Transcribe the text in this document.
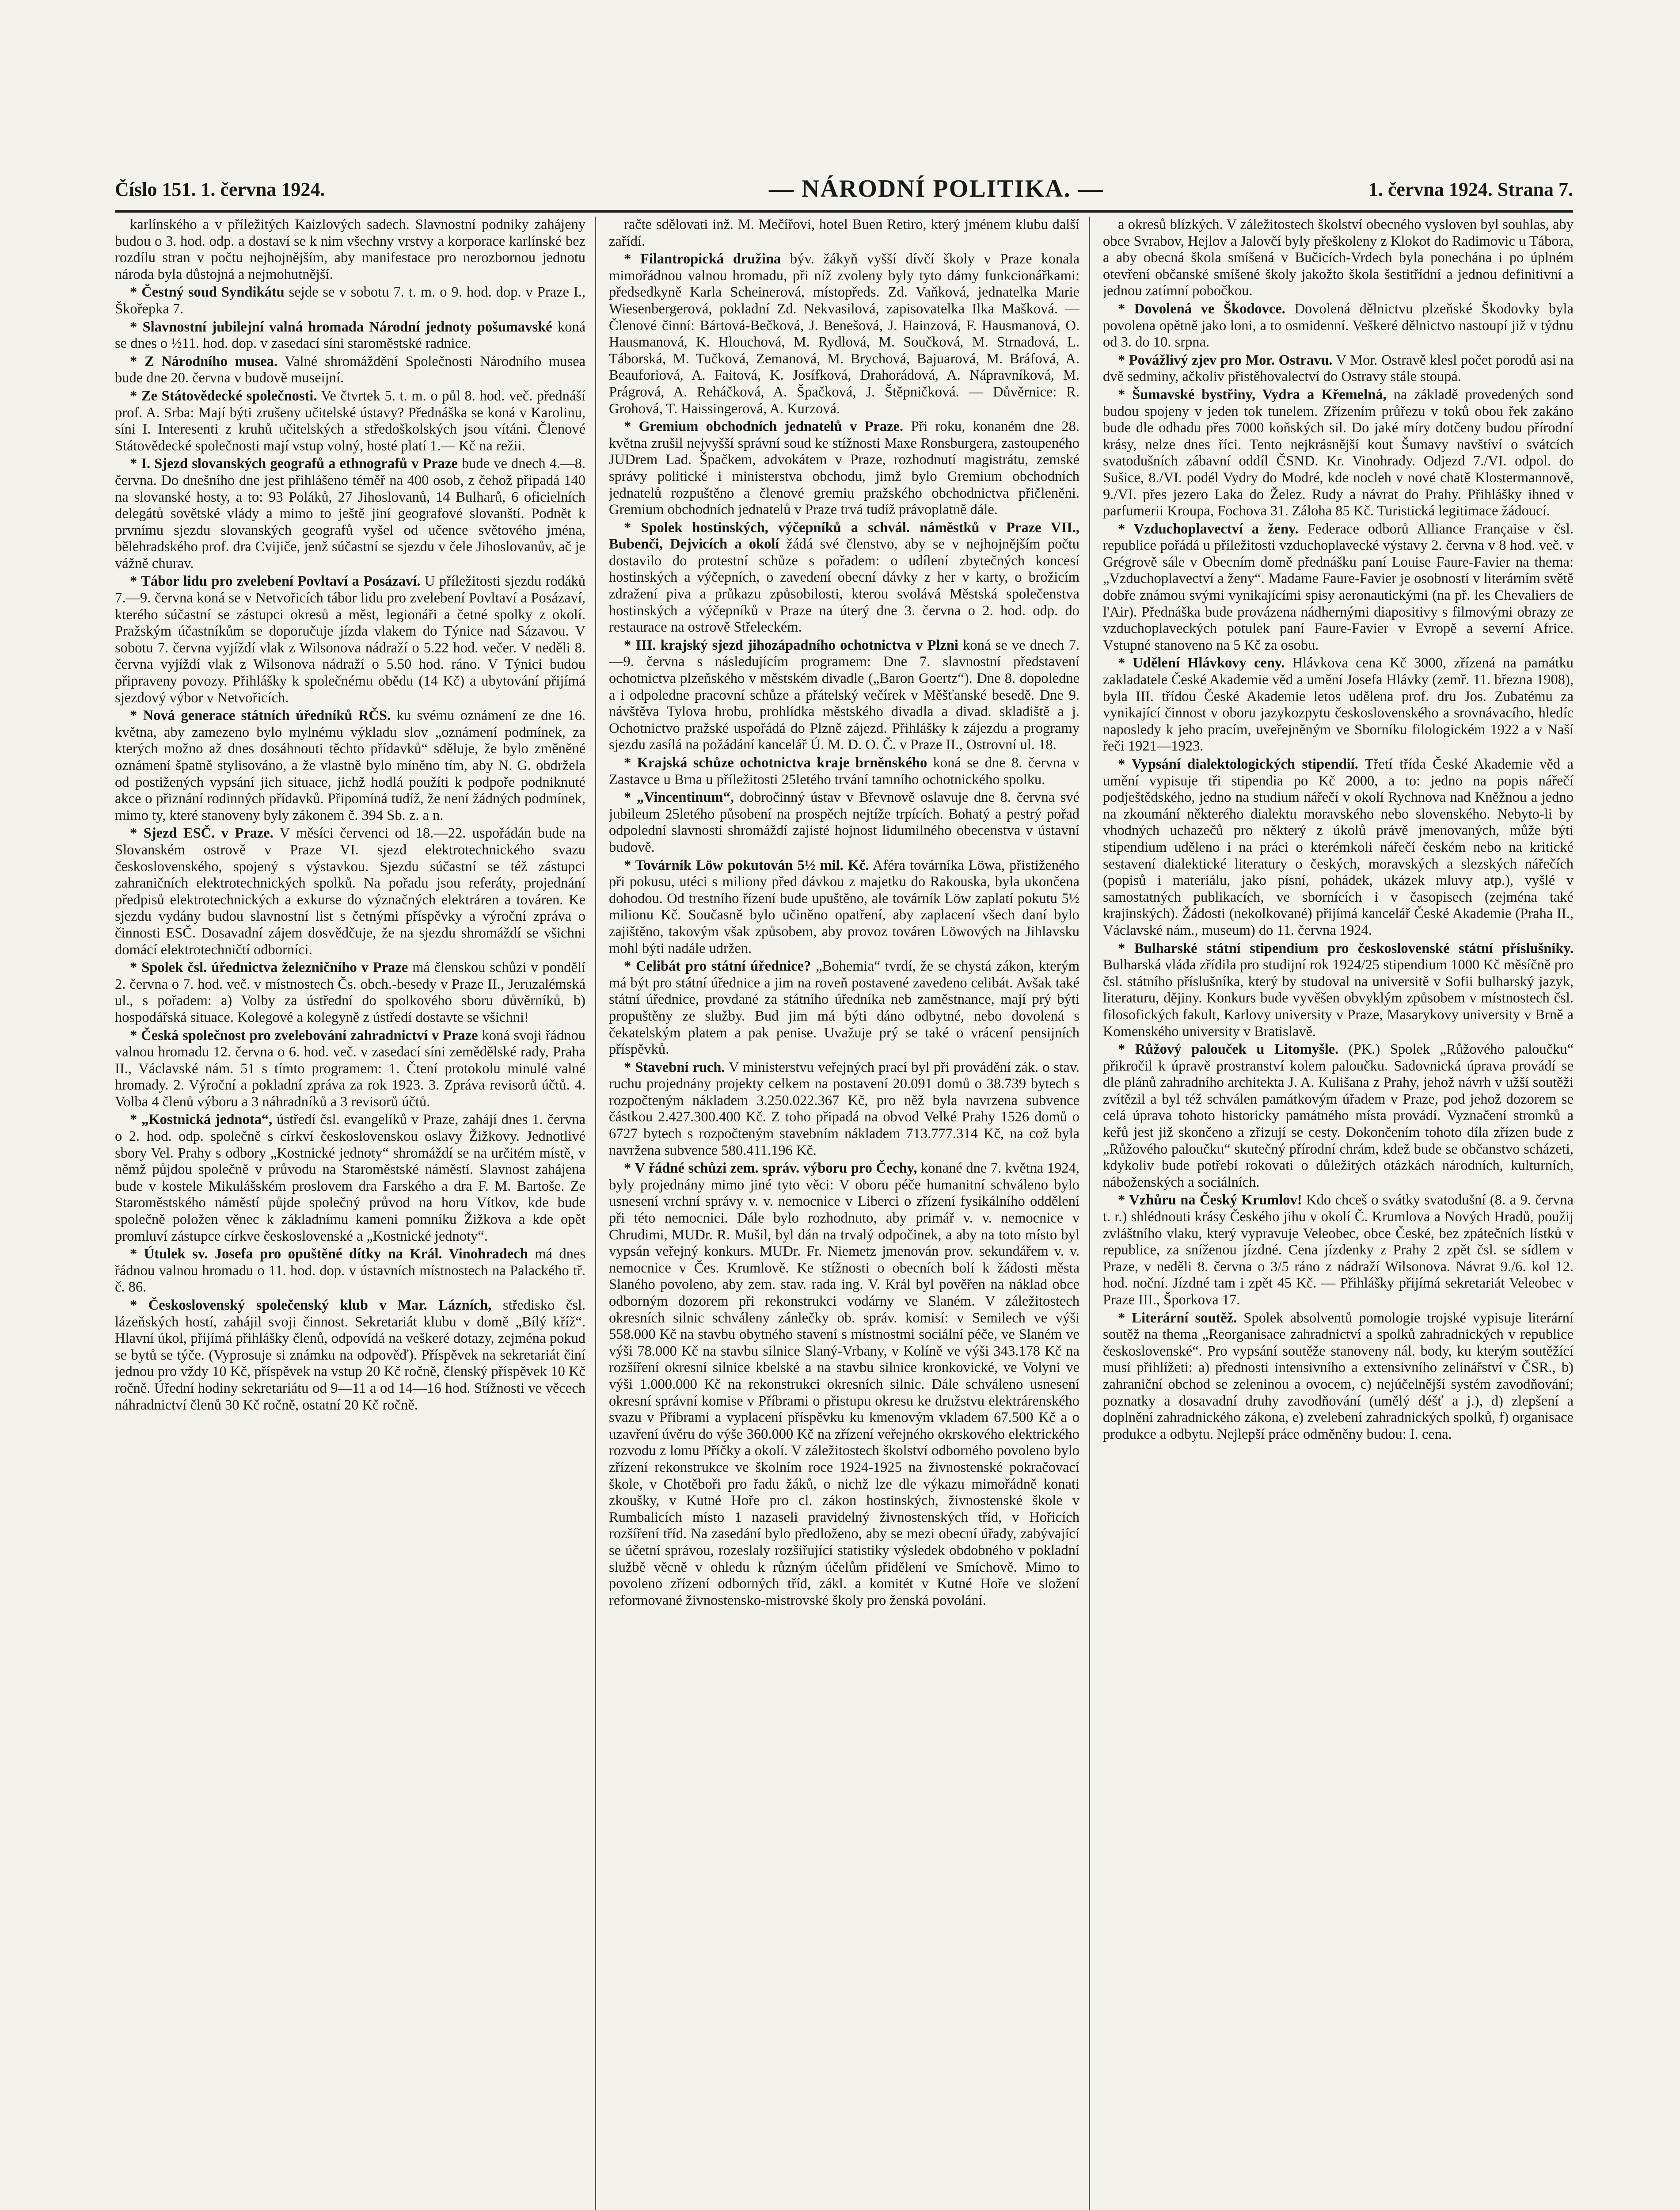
Číslo 151. 1. června 1924.	— NÁRODNÍ POLITIKA. —	1. června 1924. Strana 7.

karlínského a v příležitých Kaizlových sadech. Slavnostní podniky zahájeny budou o 3. hod. odp. a dostaví se k nim všechny vrstvy a korporace karlínské bez rozdílu stran v počtu nejhojnějším, aby manifestace pro nerozbornou jednotu národa byla důstojná a nejmohutnější.

* Čestný soud Syndikátu sejde se v sobotu 7. t. m. o 9. hod. dop. v Praze I., Škořepka 7.

* Slavnostní jubilejní valná hromada Národní jednoty pošumavské koná se dnes o ½11. hod. dop. v zasedací síni staroměstské radnice.

* Z Národního musea. Valné shromáždění Společnosti Národního musea bude dne 20. června v budově museijní.

* Ze Státovědecké společnosti. Ve čtvrtek 5. t. m. o půl 8. hod. več. přednáší prof. A. Srba: Mají býti zrušeny učitelské ústavy? Přednáška se koná v Karolinu, síni I. Interesenti z kruhů učitelských a středoškolských jsou vítáni. Členové Státovědecké společnosti mají vstup volný, hosté platí 1.— Kč na režii.

* I. Sjezd slovanských geografů a ethnografů v Praze bude ve dnech 4.—8. června. Do dnešního dne jest přihlášeno téměř na 400 osob, z čehož připadá 140 na slovanské hosty, a to: 93 Poláků, 27 Jihoslovanů, 14 Bulharů, 6 oficielních delegátů sovětské vlády a mimo to ještě jiní geografové slovanští. Podnět k prvnímu sjezdu slovanských geografů vyšel od učence světového jména, bělehradského prof. dra Cvijiče, jenž súčastní se sjezdu v čele Jihoslovanův, ač je vážně churav.

* Tábor lidu pro zvelebení Povltaví a Posázaví. U příležitosti sjezdu rodáků 7.—9. června koná se v Netvořicích tábor lidu pro zvelebení Povltaví a Posázaví, kterého súčastní se zástupci okresů a měst, legionáři a četné spolky z okolí. Pražským účastníkům se doporučuje jízda vlakem do Týnice nad Sázavou. V sobotu 7. června vyjíždí vlak z Wilsonova nádraží o 5.22 hod. večer. V neděli 8. června vyjíždí vlak z Wilsonova nádraží o 5.50 hod. ráno. V Týnici budou připraveny povozy. Přihlášky k společnému obědu (14 Kč) a ubytování přijímá sjezdový výbor v Netvořicích.

* Nová generace státních úředníků RČS. ku svému oznámení ze dne 16. května, aby zamezeno bylo mylnému výkladu slov „oznámení podmínek, za kterých možno až dnes dosáhnouti těchto přídavků“ sděluje, že bylo změněné oznámení špatně stylisováno, a že vlastně bylo míněno tím, aby N. G. obdržela od postižených vypsání jich situace, jichž hodlá použíti k podpoře podniknuté akce o přiznání rodinných přídavků. Připomíná tudíž, že není žádných podmínek, mimo ty, které stanoveny byly zákonem č. 394 Sb. z. a n.

* Sjezd ESČ. v Praze. V měsíci červenci od 18.—22. uspořádán bude na Slovanském ostrově v Praze VI. sjezd elektrotechnického svazu československého, spojený s výstavkou. Sjezdu súčastní se též zástupci zahraničních elektrotechnických spolků. Na pořadu jsou referáty, projednání předpisů elektrotechnických a exkurse do význačných elektráren a továren. Ke sjezdu vydány budou slavnostní list s četnými příspěvky a výroční zpráva o činnosti ESČ. Dosavadní zájem dosvědčuje, že na sjezdu shromáždí se všichni domácí elektrotechničtí odborníci.

* Spolek čsl. úřednictva železničního v Praze má členskou schůzi v pondělí 2. června o 7. hod. več. v místnostech Čs. obch.-besedy v Praze II., Jeruzalémská ul., s pořadem: a) Volby za ústřední do spolkového sboru důvěrníků, b) hospodářská situace. Kolegové a kolegyně z ústředí dostavte se všichni!

* Česká společnost pro zvelebování zahradnictví v Praze koná svoji řádnou valnou hromadu 12. června o 6. hod. več. v zasedací síni zemědělské rady, Praha II., Václavské nám. 51 s tímto programem: 1. Čtení protokolu minulé valné hromady. 2. Výroční a pokladní zpráva za rok 1923. 3. Zpráva revisorů účtů. 4. Volba 4 členů výboru a 3 náhradníků a 3 revisorů účtů.

* „Kostnická jednota“, ústředí čsl. evangelíků v Praze, zahájí dnes 1. června o 2. hod. odp. společně s církví československou oslavy Žižkovy. Jednotlivé sbory Vel. Prahy s odbory „Kostnické jednoty“ shromáždí se na určitém místě, v němž půjdou společně v průvodu na Staroměstské náměstí. Slavnost zahájena bude v kostele Mikulášském proslovem dra Farského a dra F. M. Bartoše. Ze Staroměstského náměstí půjde společný průvod na horu Vítkov, kde bude společně položen věnec k základnímu kameni pomníku Žižkova a kde opět promluví zástupce církve československé a „Kostnické jednoty“.

* Útulek sv. Josefa pro opuštěné dítky na Král. Vinohradech má dnes řádnou valnou hromadu o 11. hod. dop. v ústavních místnostech na Palackého tř. č. 86.

* Československý společenský klub v Mar. Lázních, středisko čsl. lázeňských hostí, zahájil svoji činnost. Sekretariát klubu v domě „Bílý kříž“. Hlavní úkol, přijímá přihlášky členů, odpovídá na veškeré dotazy, zejména pokud se bytů se týče. (Vyprosuje si známku na odpověď). Příspěvek na sekretariát činí jednou pro vždy 10 Kč, příspěvek na vstup 20 Kč ročně, členský příspěvek 10 Kč ročně. Úřední hodiny sekretariátu od 9—11 a od 14—16 hod. Stížnosti ve věcech náhradnictví členů 30 Kč ročně, ostatní 20 Kč ročně.

račte sdělovati inž. M. Mečířovi, hotel Buen Retiro, který jménem klubu další zařídí.

* Filantropická družina býv. žákyň vyšší dívčí školy v Praze konala mimořádnou valnou hromadu, při níž zvoleny byly tyto dámy funkcionářkami: předsedkyně Karla Scheinerová, místopředs. Zd. Vaňková, jednatelka Marie Wiesenbergerová, pokladní Zd. Nekvasilová, zapisovatelka Ilka Mašková. — Členové činní: Bártová-Bečková, J. Benešová, J. Hainzová, F. Hausmanová, O. Hausmanová, K. Hlouchová, M. Rydlová, M. Součková, M. Strnadová, L. Táborská, M. Tučková, Zemanová, M. Brychová, Bajuarová, M. Bráfová, A. Beauforiová, A. Faitová, K. Josífková, Drahorádová, A. Nápravníková, M. Prágrová, A. Reháčková, A. Špačková, J. Štěpničková. — Důvěrnice: R. Grohová, T. Haissingerová, A. Kurzová.

* Gremium obchodních jednatelů v Praze. Při roku, konaném dne 28. května zrušil nejvyšší správní soud ke stížnosti Maxe Ronsburgera, zastoupeného JUDrem Lad. Špačkem, advokátem v Praze, rozhodnutí magistrátu, zemské správy politické i ministerstva obchodu, jimž bylo Gremium obchodních jednatelů rozpuštěno a členové gremiu pražského obchodnictva přičleněni. Gremium obchodních jednatelů v Praze trvá tudíž právoplatně dále.

* Spolek hostinských, výčepníků a schvál. náměstků v Praze VII., Bubenči, Dejvicích a okolí žádá své členstvo, aby se v nejhojnějším počtu dostavilo do protestní schůze s pořadem: o udílení zbytečných koncesí hostinských a výčepních, o zavedení obecní dávky z her v karty, o brožicím zdražení piva a průkazu způsobilosti, kterou svolává Městská společenstva hostinských a výčepníků v Praze na úterý dne 3. června o 2. hod. odp. do restaurace na ostrově Střeleckém.

* III. krajský sjezd jihozápadního ochotnictva v Plzni koná se ve dnech 7.—9. června s následujícím programem: Dne 7. slavnostní představení ochotnictva plzeňského v městském divadle („Baron Goertz“). Dne 8. dopoledne a i odpoledne pracovní schůze a přátelský večírek v Měšťanské besedě. Dne 9. návštěva Tylova hrobu, prohlídka městského divadla a divad. skladiště a j. Ochotnictvo pražské uspořádá do Plzně zájezd. Přihlášky k zájezdu a programy sjezdu zasílá na požádání kancelář Ú. M. D. O. Č. v Praze II., Ostrovní ul. 18.

* Krajská schůze ochotnictva kraje brněnského koná se dne 8. června v Zastavce u Brna u příležitosti 25letého trvání tamního ochotnického spolku.

* „Vincentinum“, dobročinný ústav v Břevnově oslavuje dne 8. června své jubileum 25letého působení na prospěch nejtíže trpících. Bohatý a pestrý pořad odpolední slavnosti shromáždí zajisté hojnost lidumilného obecenstva v ústavní budově.

* Továrník Löw pokutován 5½ mil. Kč. Aféra továrníka Löwa, přistiženého při pokusu, utéci s miliony před dávkou z majetku do Rakouska, byla ukončena dohodou. Od trestního řízení bude upuštěno, ale továrník Löw zaplatí pokutu 5½ milionu Kč. Současně bylo učiněno opatření, aby zaplacení všech daní bylo zajištěno, takovým však způsobem, aby provoz továren Löwových na Jihlavsku mohl býti nadále udržen.

* Celibát pro státní úřednice? „Bohemia“ tvrdí, že se chystá zákon, kterým má být pro státní úřednice a jim na roveň postavené zavedeno celibát. Avšak také státní úřednice, provdané za státního úředníka neb zaměstnance, mají prý býti propuštěny ze služby. Bud jim má býti dáno odbytné, nebo dovolená s čekatelským platem a pak penise. Uvažuje prý se také o vrácení pensijních příspěvků.

* Stavební ruch. V ministerstvu veřejných prací byl při provádění zák. o stav. ruchu projednány projekty celkem na postavení 20.091 domů o 38.739 bytech s rozpočteným nákladem 3.250.022.367 Kč, pro něž byla navrzena subvence částkou 2.427.300.400 Kč. Z toho připadá na obvod Velké Prahy 1526 domů o 6727 bytech s rozpočteným stavebním nákladem 713.777.314 Kč, na což byla navržena subvence 580.411.196 Kč.

* V řádné schůzi zem. správ. výboru pro Čechy, konané dne 7. května 1924, byly projednány mimo jiné tyto věci: V oboru péče humanitní schváleno bylo usnesení vrchní správy v. v. nemocnice v Liberci o zřízení fysikálního oddělení při této nemocnici. Dále bylo rozhodnuto, aby primář v. v. nemocnice v Chrudimi, MUDr. R. Mušil, byl dán na trvalý odpočinek, a aby na toto místo byl vypsán veřejný konkurs. MUDr. Fr. Niemetz jmenován prov. sekundářem v. v. nemocnice v Čes. Krumlově. Ke stížnosti o obecních bolí k žádosti města Slaného povoleno, aby zem. stav. rada ing. V. Král byl pověřen na náklad obce odborným dozorem při rekonstrukci vodárny ve Slaném. V záležitostech okresních silnic schváleny zánlečky ob. správ. komisí: v Semilech ve výši 558.000 Kč na stavbu obytného stavení s místnostmi sociální péče, ve Slaném ve výši 78.000 Kč na stavbu silnice Slaný-Vrbany, v Kolíně ve výši 343.178 Kč na rozšíření okresní silnice kbelské a na stavbu silnice kronkovické, ve Volyni ve výši 1.000.000 Kč na rekonstrukci okresních silnic. Dále schváleno usnesení okresní správní komise v Příbrami o přistupu okresu ke družstvu elektrárenského svazu v Příbrami a vyplacení příspěvku ku kmenovým vkladem 67.500 Kč a o uzavření úvěru do výše 360.000 Kč na zřízení veřejného okrskového elektrického rozvodu z lomu Příčky a okolí. V záležitostech školství odborného povoleno bylo zřízení rekonstrukce ve školním roce 1924-1925 na živnostenské pokračovací škole, v Chotěboři pro řadu žáků, o nichž lze dle výkazu mimořádně konati zkoušky, v Kutné Hoře pro cl. zákon hostinských, živnostenské škole v Rumbalicích místo 1 nazaseli pravidelný živnostenských tříd, v Hořicích rozšíření tříd. Na zasedání bylo předloženo, aby se mezi obecní úřady, zabývající se účetní správou, rozeslaly rozšiřující statistiky výsledek obdobného v pokladní službě věcně v ohledu k různým účelům přidělení ve Smíchově. Mimo to povoleno zřízení odborných tříd, zákl. a komitét v Kutné Hoře ve složení reformované živnostensko-mistrovské školy pro ženská povolání.

a okresů blízkých. V záležitostech školství obecného vysloven byl souhlas, aby obce Svrabov, Hejlov a Jalovčí byly přeškoleny z Klokot do Radimovic u Tábora, a aby obecná škola smíšená v Bučicích-Vrdech byla ponechána i po úplném otevření občanské smíšené školy jakožto škola šestitřídní a jednou definitivní a jednou zatímní pobočkou.

* Dovolená ve Škodovce. Dovolená dělnictvu plzeňské Škodovky byla povolena opětně jako loni, a to osmidenní. Veškeré dělnictvo nastoupí již v týdnu od 3. do 10. srpna.

* Povážlivý zjev pro Mor. Ostravu. V Mor. Ostravě klesl počet porodů asi na dvě sedminy, ačkoliv přistěhovalectví do Ostravy stále stoupá.

* Šumavské bystřiny, Vydra a Křemelná, na základě provedených sond budou spojeny v jeden tok tunelem. Zřízením průřezu v toků obou řek zakáno bude dle odhadu přes 7000 koňských sil. Do jaké míry dotčeny budou přírodní krásy, nelze dnes říci. Tento nejkrásnější kout Šumavy navštíví o svátcích svatodušních zábavní oddíl ČSND. Kr. Vinohrady. Odjezd 7./VI. odpol. do Sušice, 8./VI. podél Vydry do Modré, kde nocleh v nové chatě Klostermannově, 9./VI. přes jezero Laka do Želez. Rudy a návrat do Prahy. Přihlášky ihned v parfumerii Kroupa, Fochova 31. Záloha 85 Kč. Turistická legitimace žádoucí.

* Vzduchoplavectví a ženy. Federace odborů Alliance Française v čsl. republice pořádá u příležitosti vzduchoplavecké výstavy 2. června v 8 hod. več. v Grégrově sále v Obecním domě přednášku paní Louise Faure-Favier na thema: „Vzduchoplavectví a ženy“. Madame Faure-Favier je osobností v literárním světě dobře známou svými vynikajícími spisy aeronautickými (na př. les Chevaliers de l'Air). Přednáška bude provázena nádhernými diapositivy s filmovými obrazy ze vzduchoplaveckých potulek paní Faure-Favier v Evropě a severní Africe. Vstupné stanoveno na 5 Kč za osobu.

* Udělení Hlávkovy ceny. Hlávkova cena Kč 3000, zřízená na památku zakladatele České Akademie věd a umění Josefa Hlávky (zemř. 11. března 1908), byla III. třídou České Akademie letos udělena prof. dru Jos. Zubatému za vynikající činnost v oboru jazykozpytu československého a srovnávacího, hledíc naposledy k jeho pracím, uveřejněným ve Sborníku filologickém 1922 a v Naší řeči 1921—1923.

* Vypsání dialektologických stipendií. Třetí třída České Akademie věd a umění vypisuje tři stipendia po Kč 2000, a to: jedno na popis nářečí podještědského, jedno na studium nářečí v okolí Rychnova nad Kněžnou a jedno na zkoumání některého dialektu moravského nebo slovenského. Nebyto-li by vhodných uchazečů pro některý z úkolů právě jmenovaných, může býti stipendium uděleno i na práci o kterémkoli nářečí českém nebo na kritické sestavení dialektické literatury o českých, moravských a slezských nářečích (popisů i materiálu, jako písní, pohádek, ukázek mluvy atp.), vyšlé v samostatných publikacích, ve sbornících i v časopisech (zejména také krajinských). Žádosti (nekolkované) přijímá kancelář České Akademie (Praha II., Václavské nám., museum) do 11. června 1924.

* Bulharské státní stipendium pro československé státní příslušníky. Bulharská vláda zřídila pro studijní rok 1924/25 stipendium 1000 Kč měsíčně pro čsl. státního příslušníka, který by studoval na universitě v Sofii bulharský jazyk, literaturu, dějiny. Konkurs bude vyvěšen obvyklým způsobem v místnostech čsl. filosofických fakult, Karlovy university v Praze, Masarykovy university v Brně a Komenského university v Bratislavě.

* Růžový palouček u Litomyšle. (PK.) Spolek „Růžového paloučku“ přikročil k úpravě prostranství kolem paloučku. Sadovnická úprava provádí se dle plánů zahradního architekta J. A. Kulišana z Prahy, jehož návrh v užší soutěži zvítězil a byl též schválen památkovým úřadem v Praze, pod jehož dozorem se celá úprava tohoto historicky památného místa provádí. Vyznačení stromků a keřů jest již skončeno a zřizují se cesty. Dokončením tohoto díla zřízen bude z „Růžového paloučku“ skutečný přírodní chrám, kdež bude se občanstvo scházeti, kdykoliv bude potřebí rokovati o důležitých otázkách národních, kulturních, náboženských a sociálních.

* Vzhůru na Český Krumlov! Kdo chceš o svátky svatodušní (8. a 9. června t. r.) shlédnouti krásy Českého jihu v okolí Č. Krumlova a Nových Hradů, použij zvláštního vlaku, který vypravuje Veleobec, obce České, bez zpátečních lístků v republice, za sníženou jízdné. Cena jízdenky z Prahy 2 zpět čsl. se sídlem v Praze, v neděli 8. června o 3/5 ráno z nádraží Wilsonova. Návrat 9./6. kol 12. hod. noční. Jízdné tam i zpět 45 Kč. — Přihlášky přijímá sekretariát Veleobec v Praze III., Šporkova 17.

* Literární soutěž. Spolek absolventů pomologie trojské vypisuje literární soutěž na thema „Reorganisace zahradnictví a spolků zahradnických v republice československé“. Pro vypsání soutěže stanoveny nál. body, ku kterým soutěžící musí přihlížeti: a) přednosti intensivního a extensivního zelinářství v ČSR., b) zahraniční obchod se zeleninou a ovocem, c) nejúčelnější systém zavodňování; poznatky a dosavadní druhy zavodňování (umělý déšť a j.), d) zlepšení a doplnění zahradnického zákona, e) zvelebení zahradnických spolků, f) organisace produkce a odbytu. Nejlepší práce odměněny budou: I. cena.
